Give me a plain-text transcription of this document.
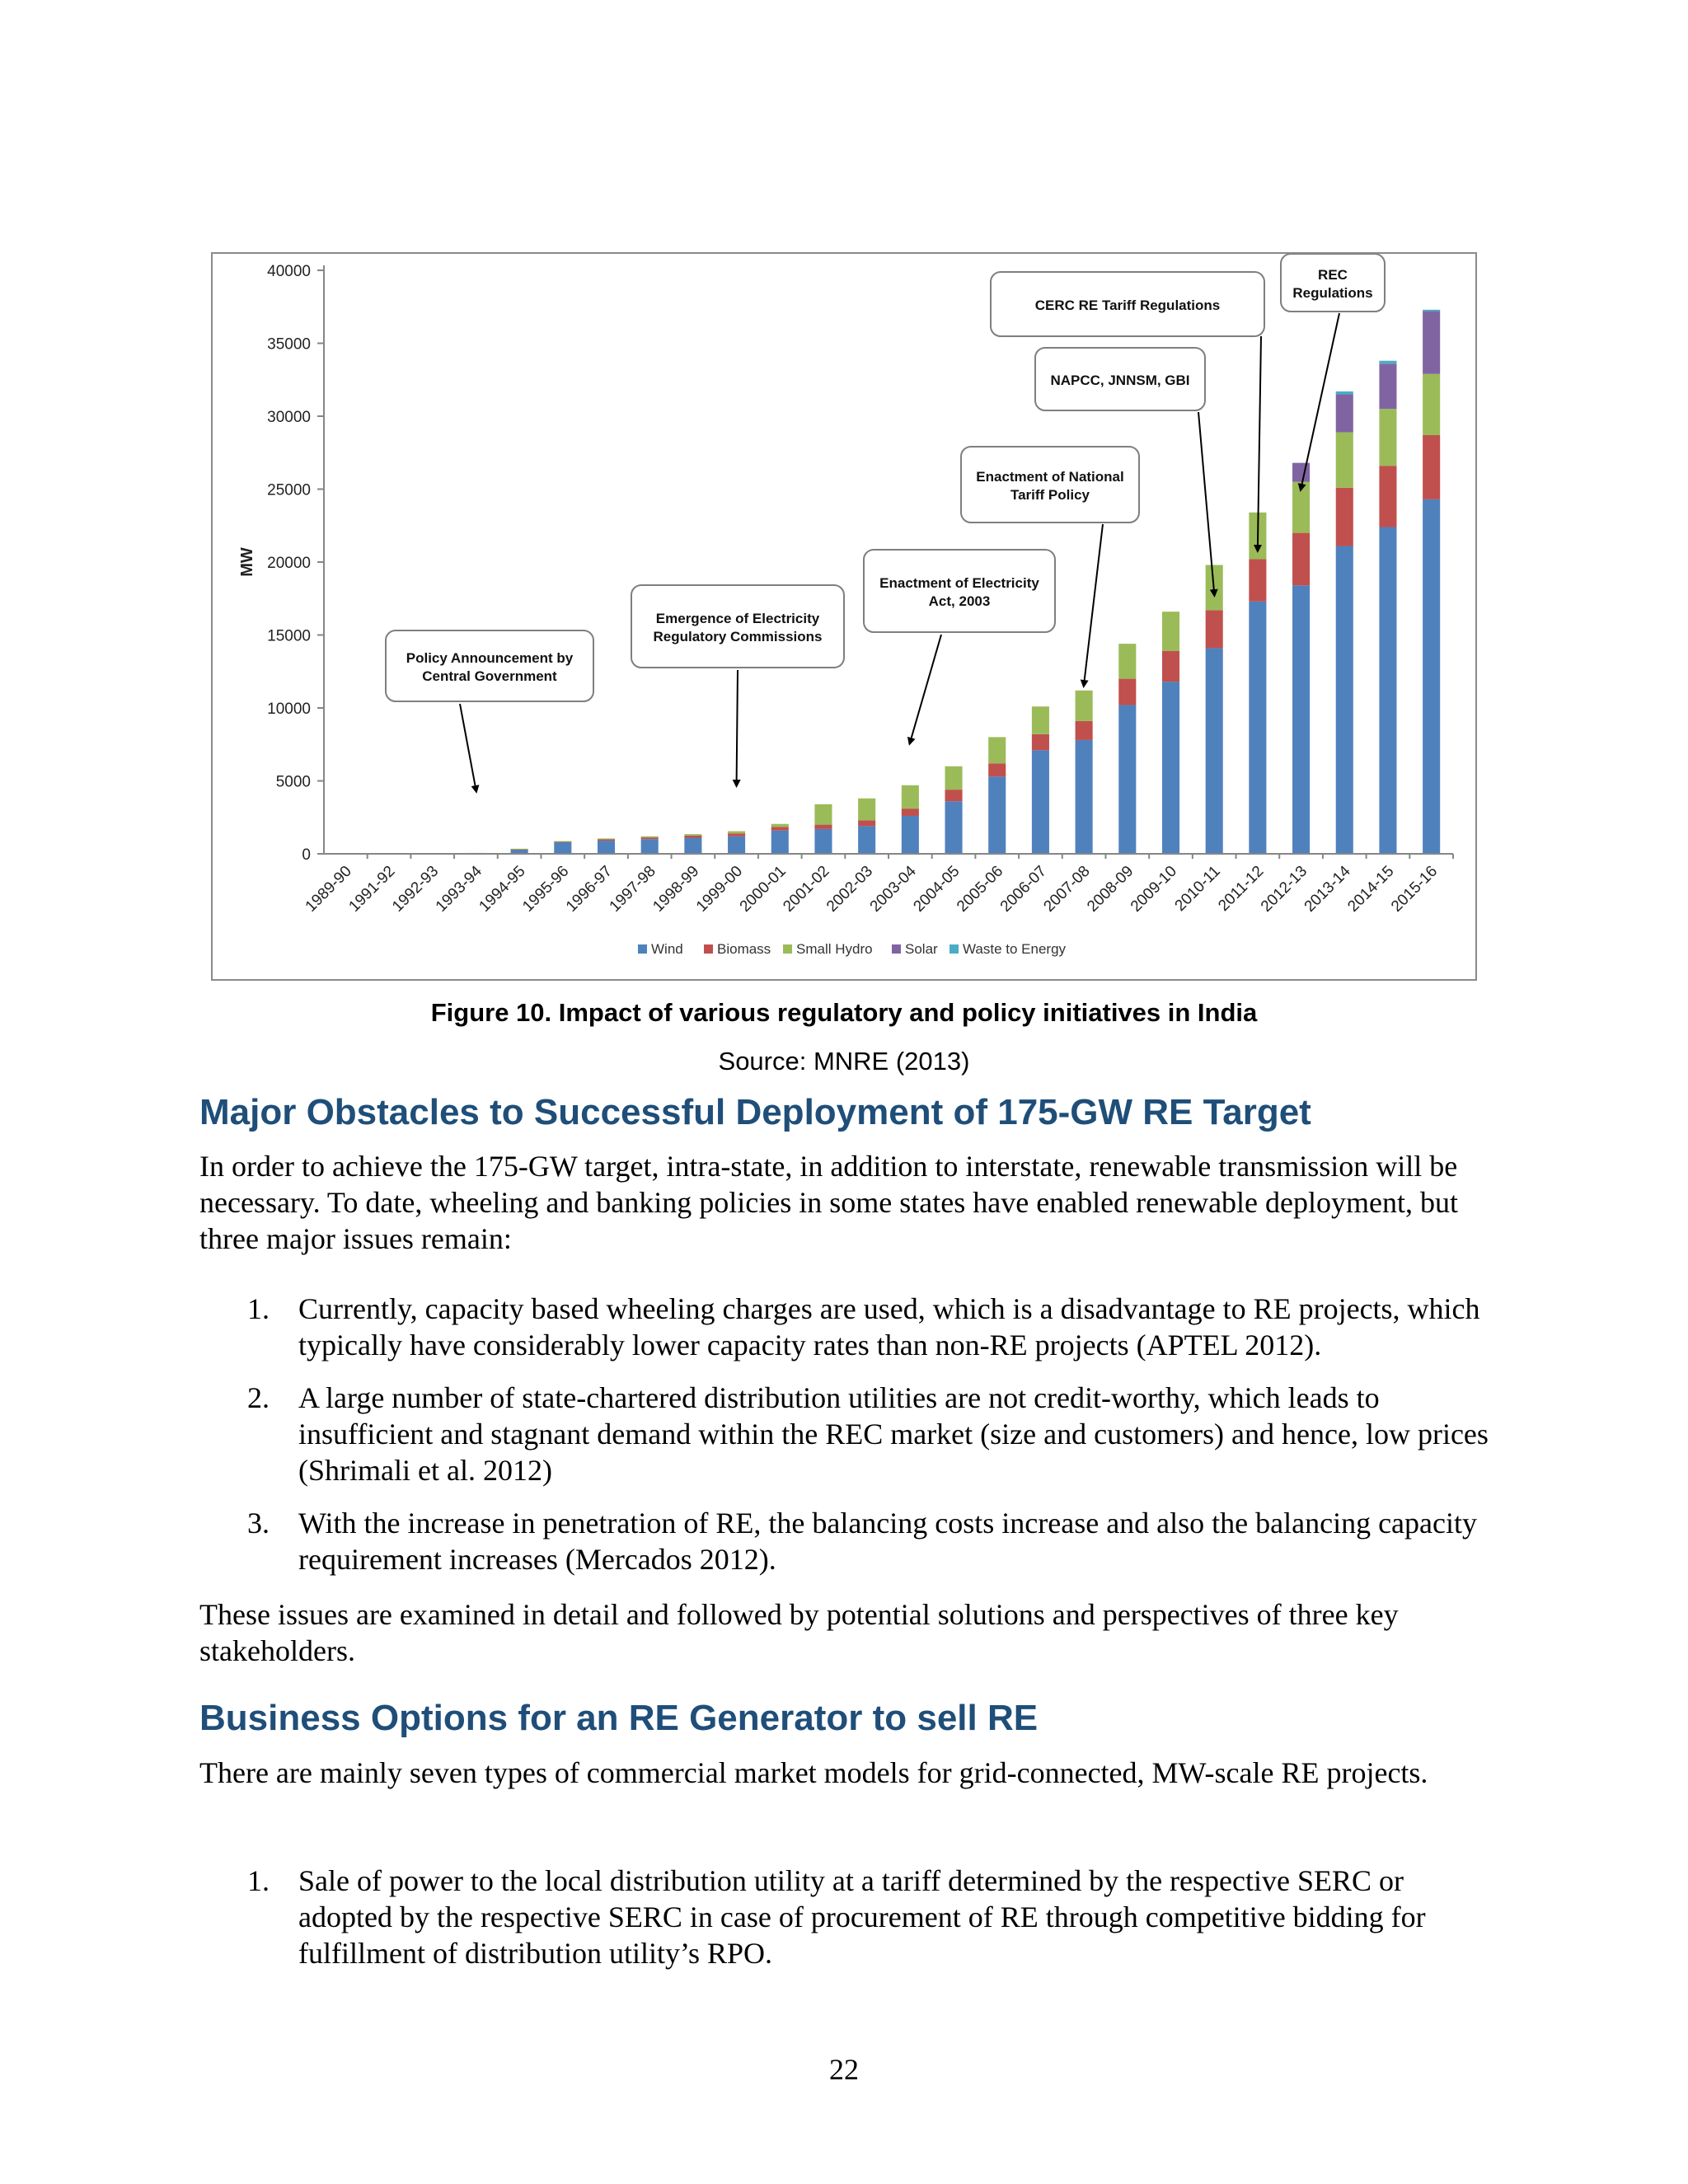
0
5000
10000
15000
20000
25000
30000
35000
40000
MW
1989-90
1991-92
1992-93
1993-94
1994-95
1995-96
1996-97
1997-98
1998-99
1999-00
2000-01
2001-02
2002-03
2003-04
2004-05
2005-06
2006-07
2007-08
2008-09
2009-10
2010-11
2011-12
2012-13
2013-14
2014-15
2015-16
Policy Announcement by
Central Government
Emergence of Electricity
Regulatory Commissions
Enactment of Electricity
Act, 2003
Enactment of National
Tariff Policy
NAPCC, JNNSM, GBI
CERC RE Tariff Regulations
REC
Regulations
Wind Biomass Small Hydro Solar Waste to Energy
Figure 10. Impact of various regulatory and policy initiatives in India
Source: MNRE (2013)
Major Obstacles to Successful Deployment of 175-GW RE Target

In order to achieve the 175-GW target, intra-state, in addition to interstate, renewable transmission will be necessary. To date, wheeling and banking policies in some states have enabled renewable deployment, but three major issues remain:

1. Currently, capacity based wheeling charges are used, which is a disadvantage to RE projects, which typically have considerably lower capacity rates than non-RE projects (APTEL 2012).
2. A large number of state-chartered distribution utilities are not credit-worthy, which leads to insufficient and stagnant demand within the REC market (size and customers) and hence, low prices (Shrimali et al. 2012)
3. With the increase in penetration of RE, the balancing costs increase and also the balancing capacity requirement increases (Mercados 2012).

These issues are examined in detail and followed by potential solutions and perspectives of three key stakeholders.

Business Options for an RE Generator to sell RE

There are mainly seven types of commercial market models for grid-connected, MW-scale RE projects.

1. Sale of power to the local distribution utility at a tariff determined by the respective SERC or adopted by the respective SERC in case of procurement of RE through competitive bidding for fulfillment of distribution utility’s RPO.
22
